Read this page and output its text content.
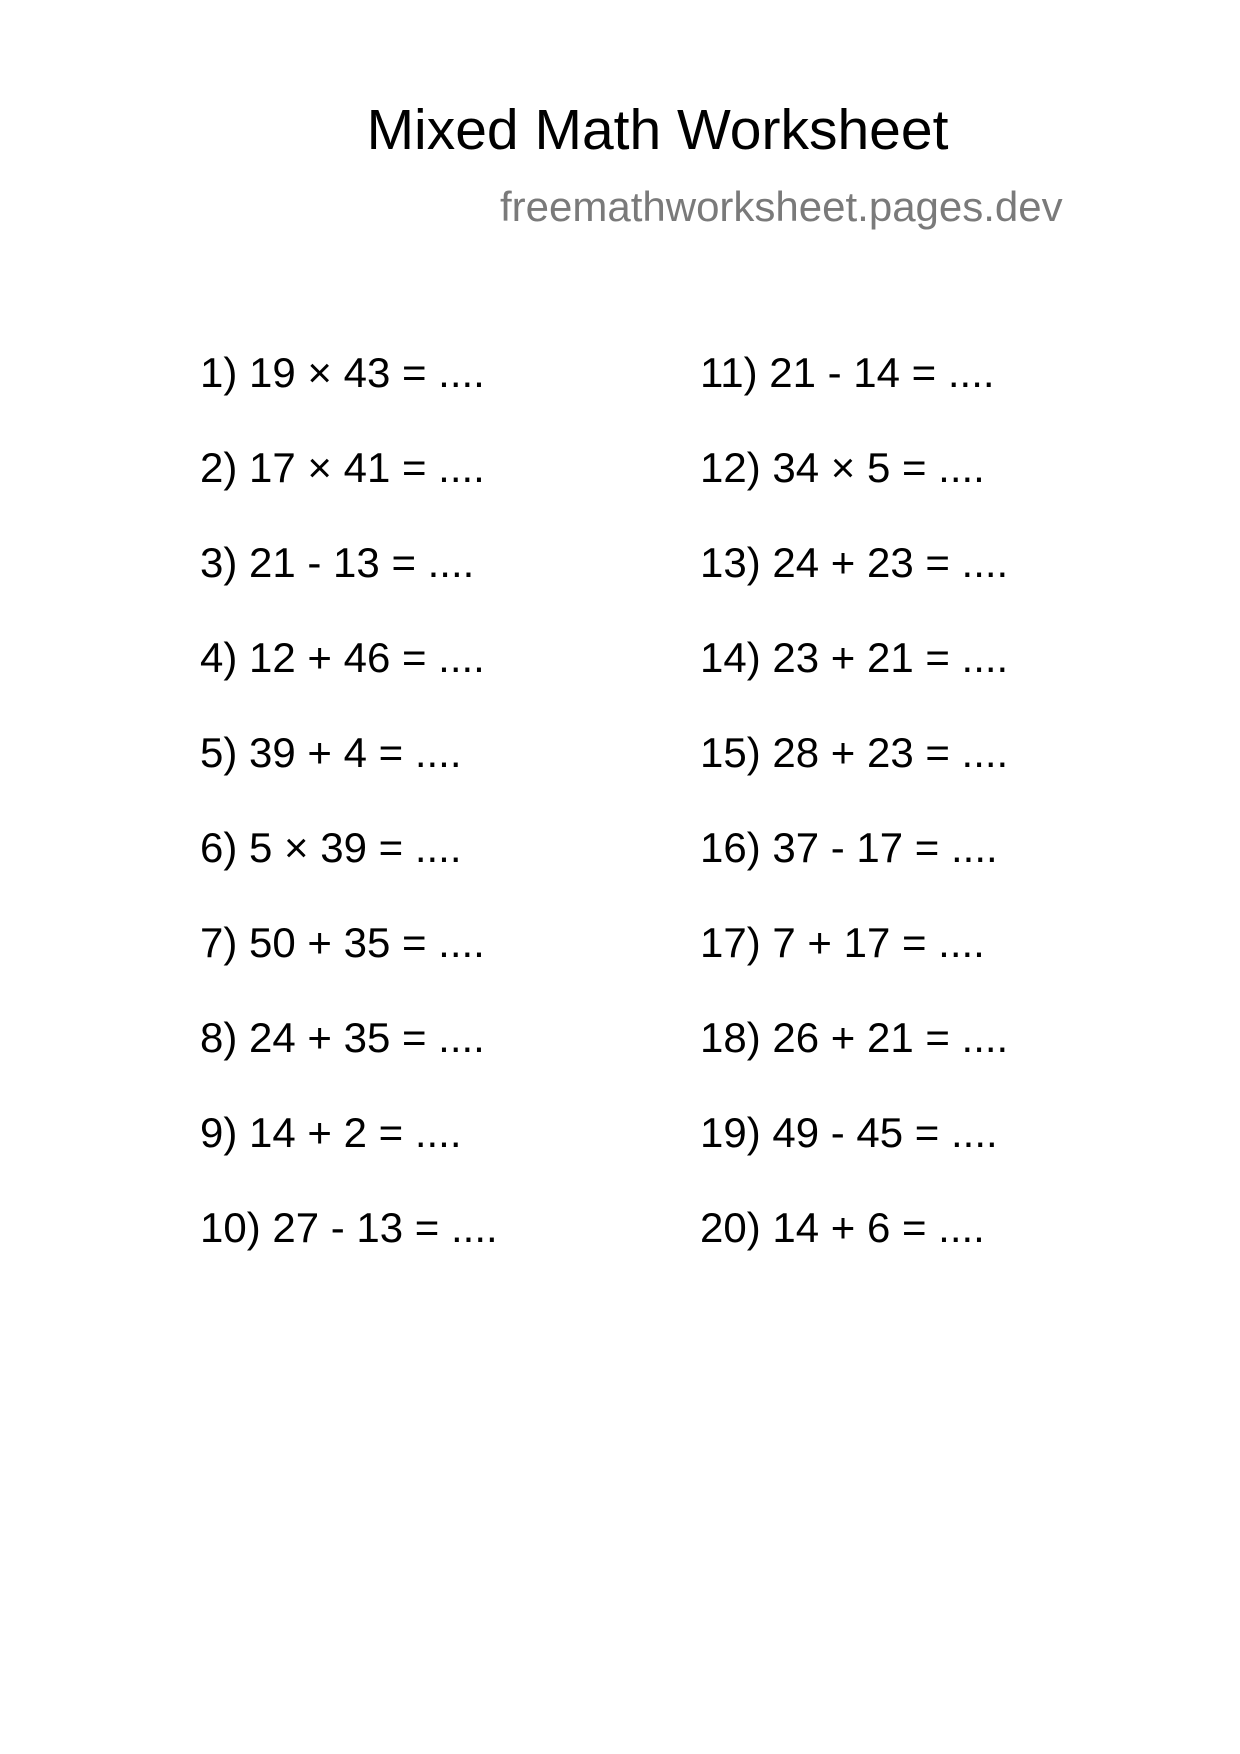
Mixed Math Worksheet
freemathworksheet.pages.dev
1) 19 × 43 = ....
2) 17 × 41 = ....
3) 21 - 13 = ....
4) 12 + 46 = ....
5) 39 + 4 = ....
6) 5 × 39 = ....
7) 50 + 35 = ....
8) 24 + 35 = ....
9) 14 + 2 = ....
10) 27 - 13 = ....
11) 21 - 14 = ....
12) 34 × 5 = ....
13) 24 + 23 = ....
14) 23 + 21 = ....
15) 28 + 23 = ....
16) 37 - 17 = ....
17) 7 + 17 = ....
18) 26 + 21 = ....
19) 49 - 45 = ....
20) 14 + 6 = ....
